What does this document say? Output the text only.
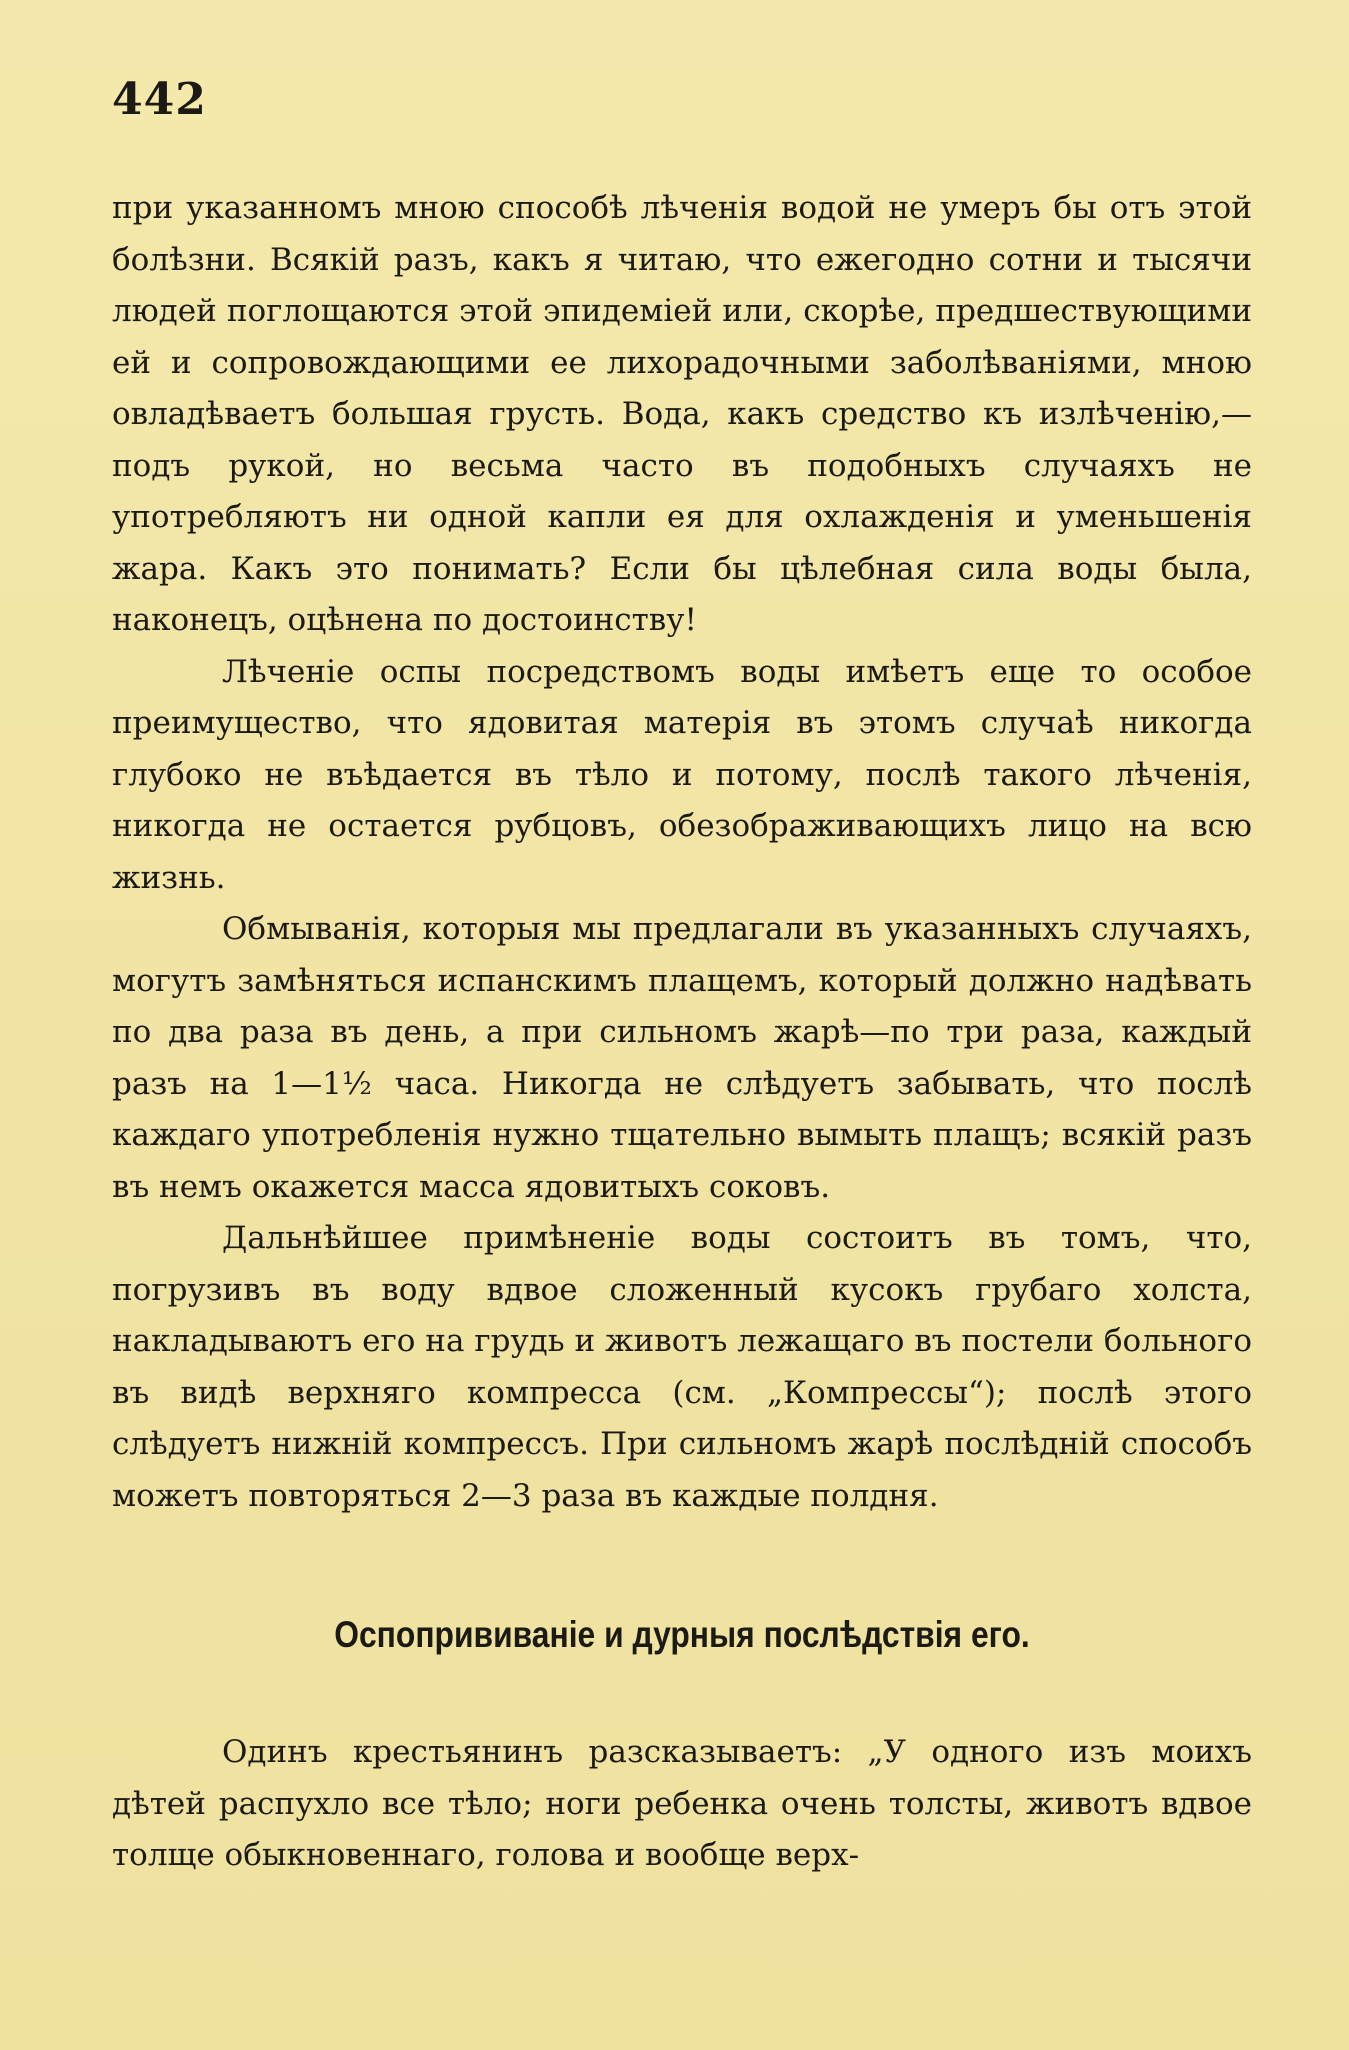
442

при указанномъ мною способѣ лѣченія водой не умеръ бы отъ этой болѣзни. Всякій разъ, какъ я читаю, что ежегодно сотни и тысячи людей поглощаются этой эпидеміей или, скорѣе, предшествующими ей и сопровождающими ее лихорадочными заболѣваніями, мною овладѣваетъ большая грусть. Вода, какъ средство къ излѣченію,—подъ рукой, но весьма часто въ подобныхъ случаяхъ не употребляютъ ни одной капли ея для охлажденія и уменьшенія жара. Какъ это понимать? Если бы цѣлебная сила воды была, наконецъ, оцѣнена по достоинству!

Лѣченіе оспы посредствомъ воды имѣетъ еще то особое преимущество, что ядовитая матерія въ этомъ случаѣ никогда глубоко не въѣдается въ тѣло и потому, послѣ такого лѣченія, никогда не остается рубцовъ, обезображивающихъ лицо на всю жизнь.

Обмыванія, которыя мы предлагали въ указанныхъ случаяхъ, могутъ замѣняться испанскимъ плащемъ, который должно надѣвать по два раза въ день, а при сильномъ жарѣ—по три раза, каждый разъ на 1—1½ часа. Никогда не слѣдуетъ забывать, что послѣ каждаго употребленія нужно тщательно вымыть плащъ; всякій разъ въ немъ окажется масса ядовитыхъ соковъ.

Дальнѣйшее примѣненіе воды состоитъ въ томъ, что, погрузивъ въ воду вдвое сложенный кусокъ грубаго холста, накладываютъ его на грудь и животъ лежащаго въ постели больного въ видѣ верхняго компресса (см. „Компрессы“); послѣ этого слѣдуетъ нижній компрессъ. При сильномъ жарѣ послѣдній способъ можетъ повторяться 2—3 раза въ каждые полдня.

Оспoпрививаніе и дурныя послѣдствія его.

Одинъ крестьянинъ разсказываетъ: „У одного изъ моихъ дѣтей распухло все тѣло; ноги ребенка очень толсты, животъ вдвое толще обыкновеннаго, голова и вообще верх-
